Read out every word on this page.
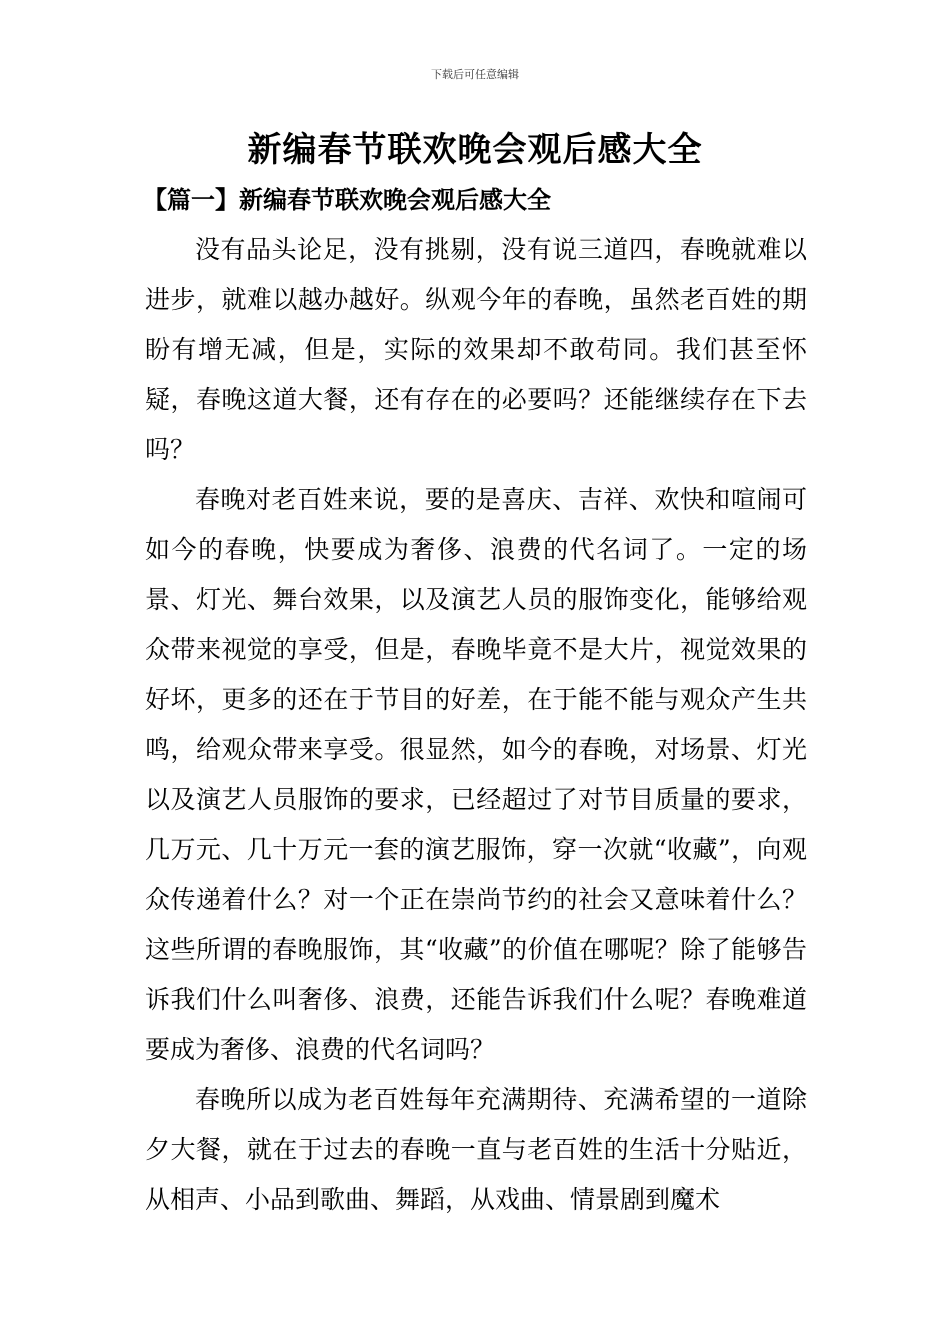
下载后可任意编辑
新编春节联欢晚会观后感大全
【篇一】新编春节联欢晚会观后感大全

没有品头论足，没有挑剔，没有说三道四，春晚就难以进步，就难以越办越好。纵观今年的春晚，虽然老百姓的期盼有增无减，但是，实际的效果却不敢苟同。我们甚至怀疑，春晚这道大餐，还有存在的必要吗？还能继续存在下去吗？

春晚对老百姓来说，要的是喜庆、吉祥、欢快和喧闹可如今的春晚，快要成为奢侈、浪费的代名词了。一定的场景、灯光、舞台效果，以及演艺人员的服饰变化，能够给观众带来视觉的享受，但是，春晚毕竟不是大片，视觉效果的好坏，更多的还在于节目的好差，在于能不能与观众产生共鸣，给观众带来享受。很显然，如今的春晚，对场景、灯光以及演艺人员服饰的要求，已经超过了对节目质量的要求，几万元、几十万元一套的演艺服饰，穿一次就“收藏”，向观众传递着什么？对一个正在崇尚节约的社会又意味着什么？这些所谓的春晚服饰，其“收藏”的价值在哪呢？除了能够告诉我们什么叫奢侈、浪费，还能告诉我们什么呢？春晚难道要成为奢侈、浪费的代名词吗？

春晚所以成为老百姓每年充满期待、充满希望的一道除夕大餐，就在于过去的春晚一直与老百姓的生活十分贴近，从相声、小品到歌曲、舞蹈，从戏曲、情景剧到魔术
